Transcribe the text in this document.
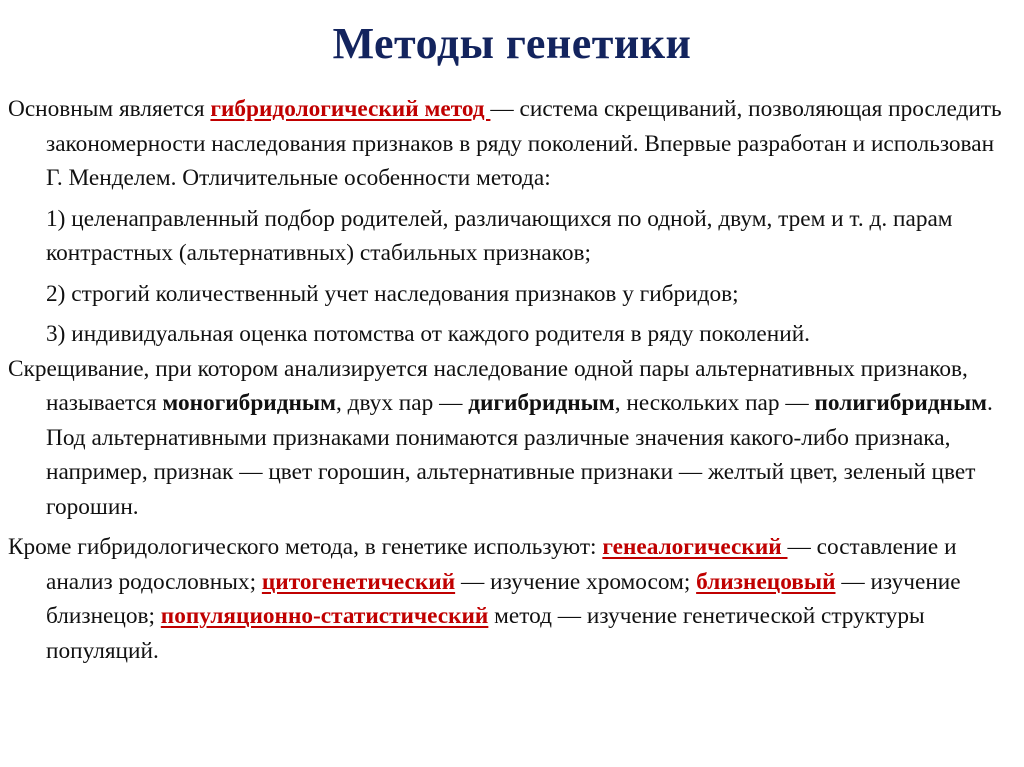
Методы генетики

Основным является гибридологический метод — система скрещиваний, позволяющая проследить закономерности наследования признаков в ряду поколений. Впервые разработан и использован Г. Менделем. Отличительные особенности метода:

1) целенаправленный подбор родителей, различающихся по одной, двум, трем и т. д. парам контрастных (альтернативных) стабильных признаков;

2) строгий количественный учет наследования признаков у гибридов;

3) индивидуальная оценка потомства от каждого родителя в ряду поколений.

Скрещивание, при котором анализируется наследование одной пары альтернативных признаков, называется моногибридным, двух пар — дигибридным, нескольких пар — полигибридным. Под альтернативными признаками понимаются различные значения какого-либо признака, например, признак — цвет горошин, альтернативные признаки — желтый цвет, зеленый цвет горошин.

Кроме гибридологического метода, в генетике используют: генеалогический — составление и анализ родословных; цитогенетический — изучение хромосом; близнецовый — изучение близнецов; популяционно-статистический метод — изучение генетической структуры популяций.
